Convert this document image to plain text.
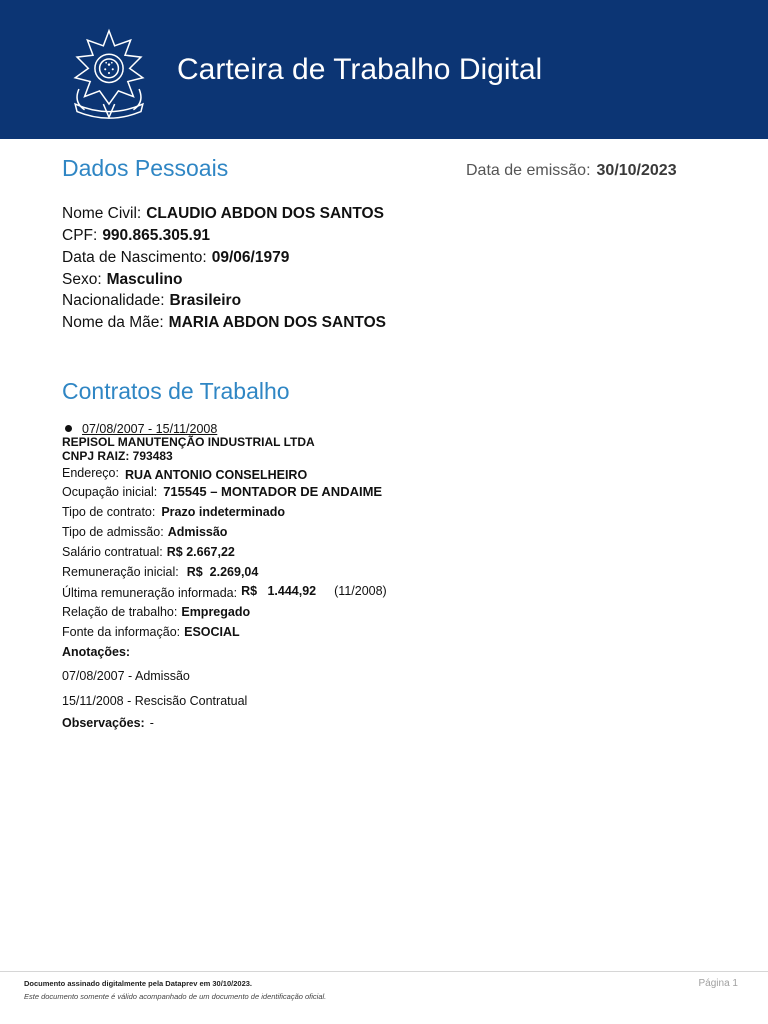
Carteira de Trabalho Digital
Dados Pessoais	Data de emissão: 30/10/2023
Nome Civil: CLAUDIO ABDON DOS SANTOS
CPF: 990.865.305.91
Data de Nascimento: 09/06/1979
Sexo: Masculino
Nacionalidade: Brasileiro
Nome da Mãe: MARIA ABDON DOS SANTOS
Contratos de Trabalho
07/08/2007 - 15/11/2008
REPISOL MANUTENÇÃO INDUSTRIAL LTDA
CNPJ RAIZ: 793483
Endereço: RUA ANTONIO CONSELHEIRO
Ocupação inicial: 715545 – MONTADOR DE ANDAIME
Tipo de contrato: Prazo indeterminado
Tipo de admissão: Admissão
Salário contratual: R$ 2.667,22
Remuneração inicial: R$  2.269,04
Última remuneração informada: R$   1.444,92 (11/2008)
Relação de trabalho: Empregado
Fonte da informação: ESOCIAL
Anotações:
07/08/2007 - Admissão
15/11/2008 - Rescisão Contratual
Observações: -
Documento assinado digitalmente pela Dataprev em 30/10/2023.
Este documento somente é válido acompanhado de um documento de identificação oficial.
Página 1
